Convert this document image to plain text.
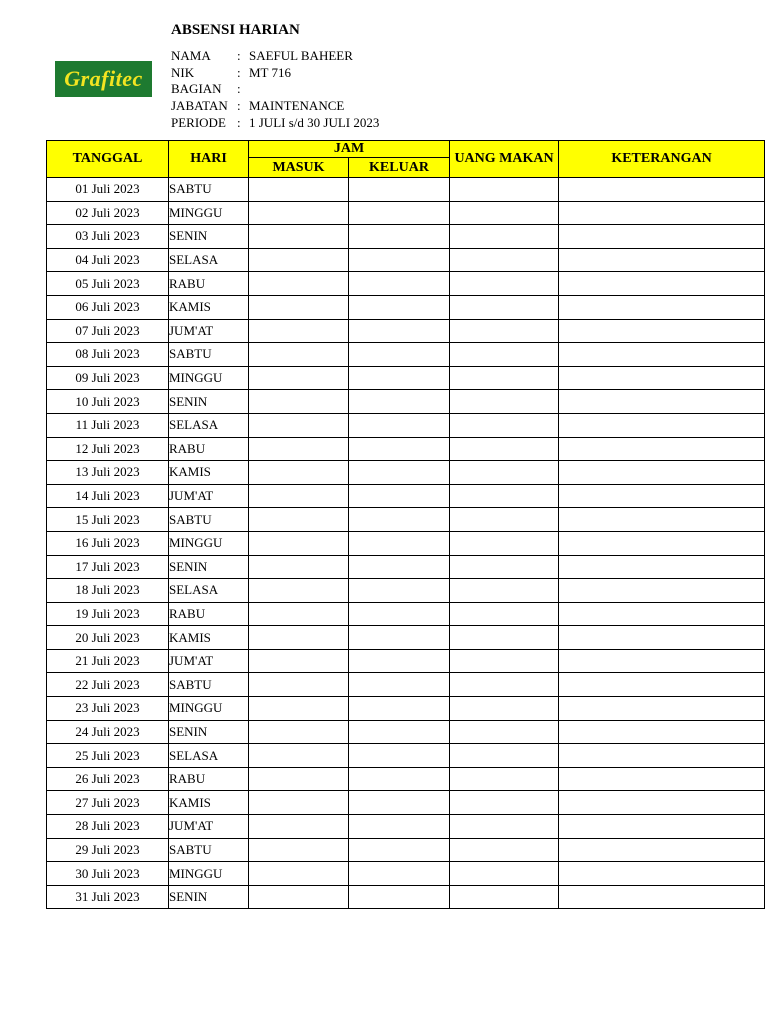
Grafitec
ABSENSI HARIAN
NAMA	: SAEFUL BAHEER
NIK	: MT 716
BAGIAN	:
JABATAN : MAINTENANCE
PERIODE : 1 JULI s/d 30 JULI 2023
TANGGAL	HARI	JAM		UANG MAKAN	KETERANGAN
		MASUK	KELUAR		
01 Juli 2023	SABTU				
02 Juli 2023	MINGGU				
03 Juli 2023	SENIN				
04 Juli 2023	SELASA				
05 Juli 2023	RABU				
06 Juli 2023	KAMIS				
07 Juli 2023	JUM'AT				
08 Juli 2023	SABTU				
09 Juli 2023	MINGGU				
10 Juli 2023	SENIN				
11 Juli 2023	SELASA				
12 Juli 2023	RABU				
13 Juli 2023	KAMIS				
14 Juli 2023	JUM'AT				
15 Juli 2023	SABTU				
16 Juli 2023	MINGGU				
17 Juli 2023	SENIN				
18 Juli 2023	SELASA				
19 Juli 2023	RABU				
20 Juli 2023	KAMIS				
21 Juli 2023	JUM'AT				
22 Juli 2023	SABTU				
23 Juli 2023	MINGGU				
24 Juli 2023	SENIN				
25 Juli 2023	SELASA				
26 Juli 2023	RABU				
27 Juli 2023	KAMIS				
28 Juli 2023	JUM'AT				
29 Juli 2023	SABTU				
30 Juli 2023	MINGGU				
31 Juli 2023	SENIN				
